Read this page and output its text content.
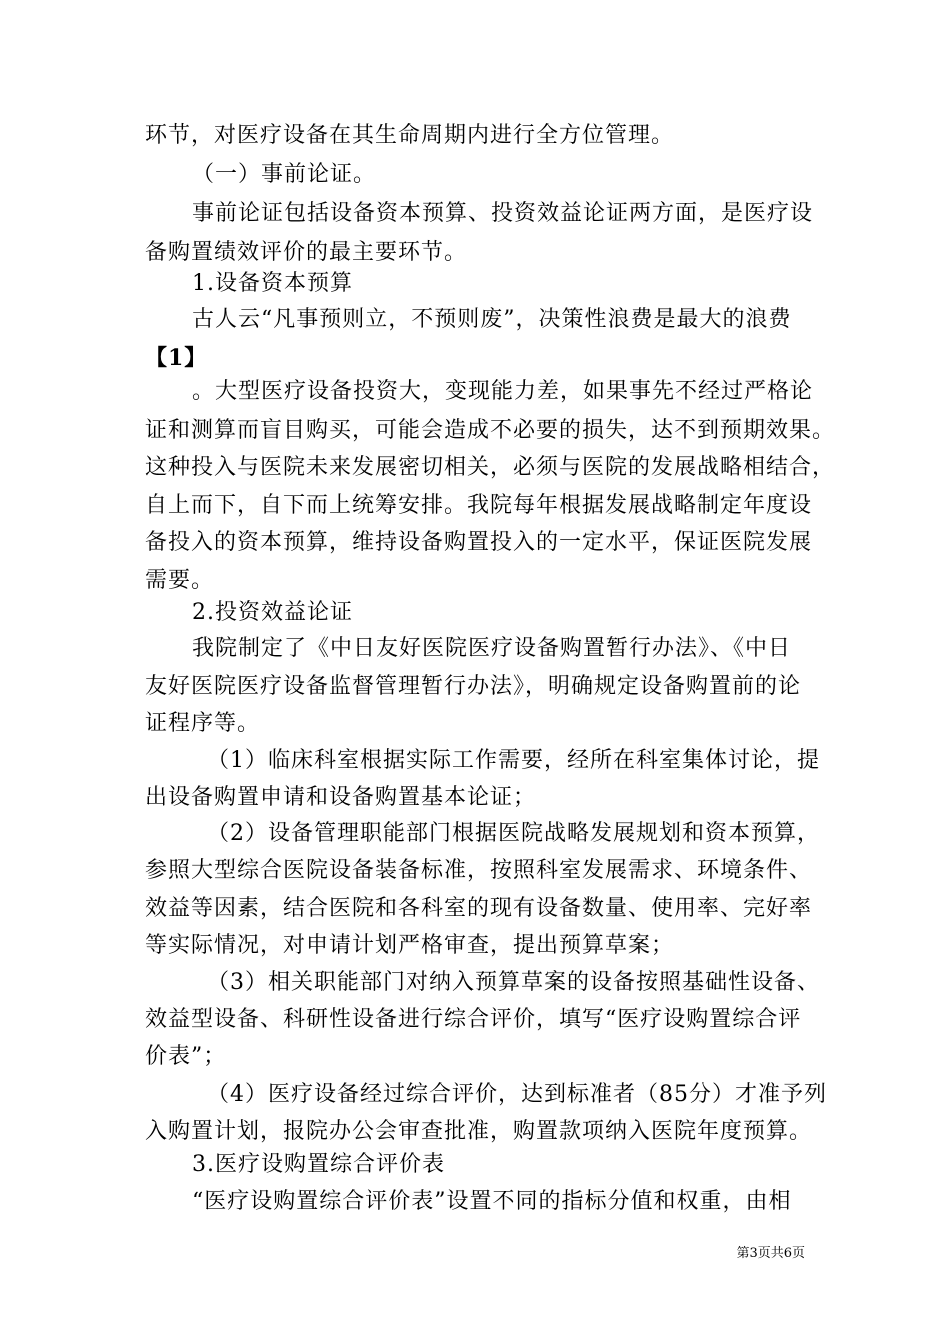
环节，对医疗设备在其生命周期内进行全方位管理。
（一）事前论证。
事前论证包括设备资本预算、投资效益论证两方面，是医疗设
备购置绩效评价的最主要环节。
1.设备资本预算
古人云“凡事预则立，不预则废”，决策性浪费是最大的浪费
【1】
。大型医疗设备投资大，变现能力差，如果事先不经过严格论
证和测算而盲目购买，可能会造成不必要的损失，达不到预期效果。
这种投入与医院未来发展密切相关，必须与医院的发展战略相结合，
自上而下，自下而上统筹安排。我院每年根据发展战略制定年度设
备投入的资本预算，维持设备购置投入的一定水平，保证医院发展
需要。
2.投资效益论证
我院制定了《中日友好医院医疗设备购置暂行办法》、《中日
友好医院医疗设备监督管理暂行办法》，明确规定设备购置前的论
证程序等。
（1）临床科室根据实际工作需要，经所在科室集体讨论，提
出设备购置申请和设备购置基本论证；
（2）设备管理职能部门根据医院战略发展规划和资本预算，
参照大型综合医院设备装备标准，按照科室发展需求、环境条件、
效益等因素，结合医院和各科室的现有设备数量、使用率、完好率
等实际情况，对申请计划严格审查，提出预算草案；
（3）相关职能部门对纳入预算草案的设备按照基础性设备、
效益型设备、科研性设备进行综合评价，填写“医疗设购置综合评
价表”；
（4）医疗设备经过综合评价，达到标准者（85分）才准予列
入购置计划，报院办公会审查批准，购置款项纳入医院年度预算。
3.医疗设购置综合评价表
“医疗设购置综合评价表”设置不同的指标分值和权重，由相
第3页共6页
